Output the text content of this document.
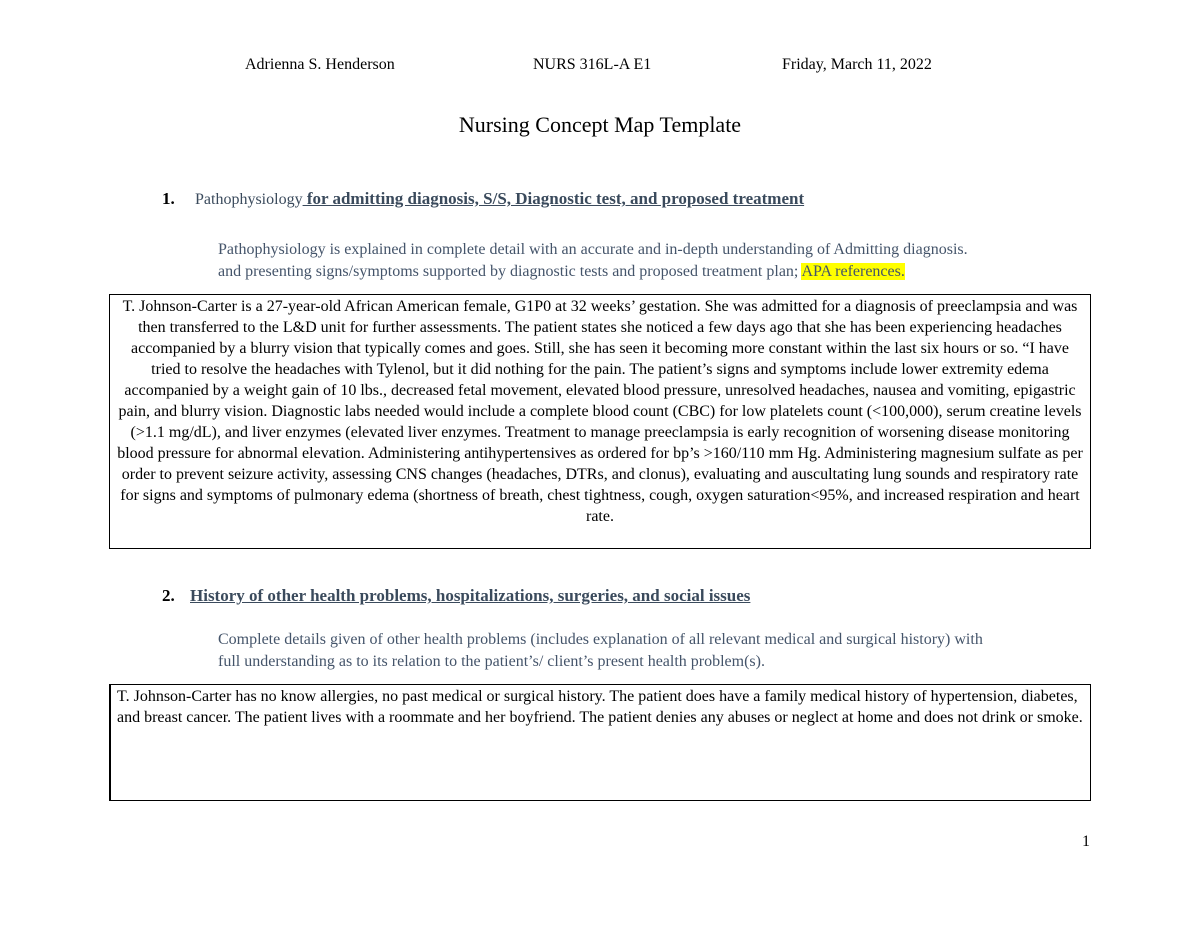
Adrienna S. Henderson	NURS 316L-A E1	Friday, March 11, 2022
Nursing Concept Map Template
1. Pathophysiology for admitting diagnosis, S/S, Diagnostic test, and proposed treatment
Pathophysiology is explained in complete detail with an accurate and in-depth understanding of Admitting diagnosis.
and presenting signs/symptoms supported by diagnostic tests and proposed treatment plan; APA references.
T. Johnson-Carter is a 27-year-old African American female, G1P0 at 32 weeks’ gestation. She was admitted for a diagnosis of preeclampsia and was then transferred to the L&D unit for further assessments. The patient states she noticed a few days ago that she has been experiencing headaches accompanied by a blurry vision that typically comes and goes. Still, she has seen it becoming more constant within the last six hours or so. “I have tried to resolve the headaches with Tylenol, but it did nothing for the pain. The patient’s signs and symptoms include lower extremity edema accompanied by a weight gain of 10 lbs., decreased fetal movement, elevated blood pressure, unresolved headaches, nausea and vomiting, epigastric pain, and blurry vision. Diagnostic labs needed would include a complete blood count (CBC) for low platelets count (<100,000), serum creatine levels (>1.1 mg/dL), and liver enzymes (elevated liver enzymes. Treatment to manage preeclampsia is early recognition of worsening disease monitoring blood pressure for abnormal elevation. Administering antihypertensives as ordered for bp’s >160/110 mm Hg. Administering magnesium sulfate as per order to prevent seizure activity, assessing CNS changes (headaches, DTRs, and clonus), evaluating and auscultating lung sounds and respiratory rate for signs and symptoms of pulmonary edema (shortness of breath, chest tightness, cough, oxygen saturation<95%, and increased respiration and heart rate.
2. History of other health problems, hospitalizations, surgeries, and social issues
Complete details given of other health problems (includes explanation of all relevant medical and surgical history) with
full understanding as to its relation to the patient’s/ client’s present health problem(s).
T. Johnson-Carter has no know allergies, no past medical or surgical history. The patient does have a family medical history of hypertension, diabetes, and breast cancer. The patient lives with a roommate and her boyfriend. The patient denies any abuses or neglect at home and does not drink or smoke.
1
